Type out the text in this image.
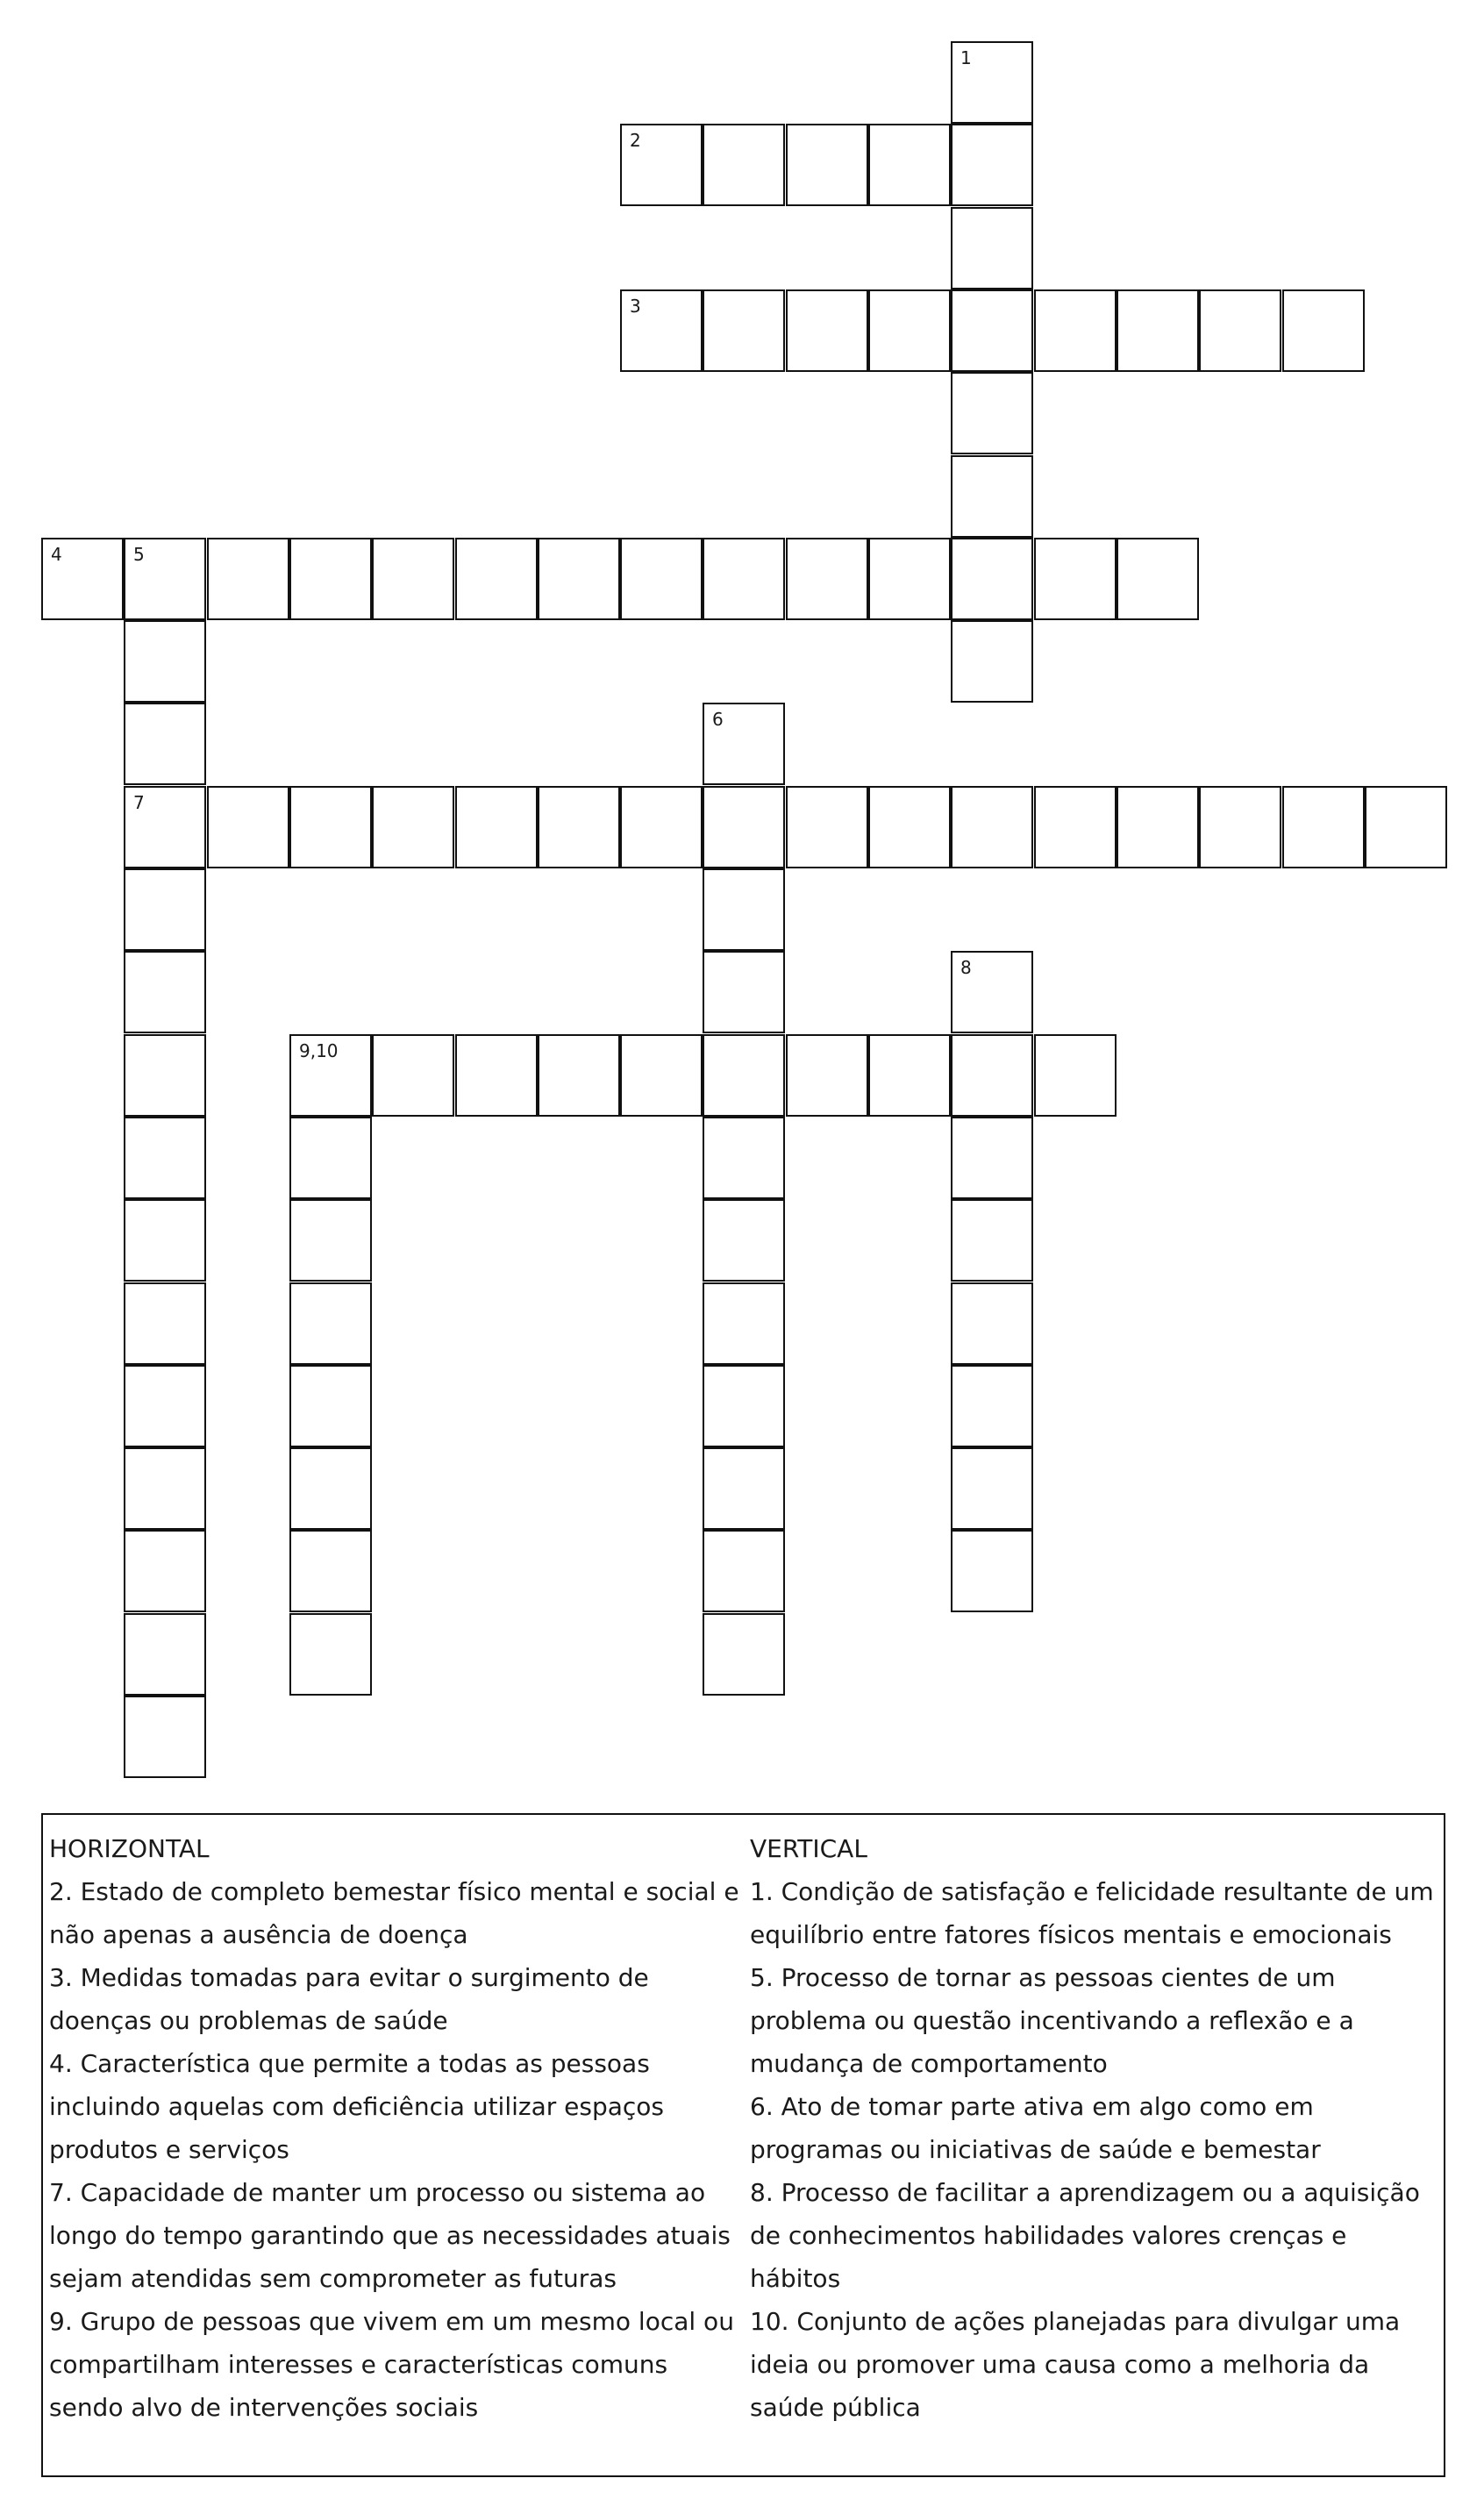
1
2
3
4	5
6
7
8
9,10

HORIZONTAL

2. Estado de completo bemestar físico mental e social e não apenas a ausência de doença

3. Medidas tomadas para evitar o surgimento de doenças ou problemas de saúde

4. Característica que permite a todas as pessoas incluindo aquelas com deficiência utilizar espaços produtos e serviços

7. Capacidade de manter um processo ou sistema ao longo do tempo garantindo que as necessidades atuais sejam atendidas sem comprometer as futuras

9. Grupo de pessoas que vivem em um mesmo local ou compartilham interesses e características comuns sendo alvo de intervenções sociais

VERTICAL

1. Condição de satisfação e felicidade resultante de um equilíbrio entre fatores físicos mentais e emocionais

5. Processo de tornar as pessoas cientes de um problema ou questão incentivando a reflexão e a mudança de comportamento

6. Ato de tomar parte ativa em algo como em programas ou iniciativas de saúde e bemestar

8. Processo de facilitar a aprendizagem ou a aquisição de conhecimentos habilidades valores crenças e hábitos

10. Conjunto de ações planejadas para divulgar uma ideia ou promover uma causa como a melhoria da saúde pública
